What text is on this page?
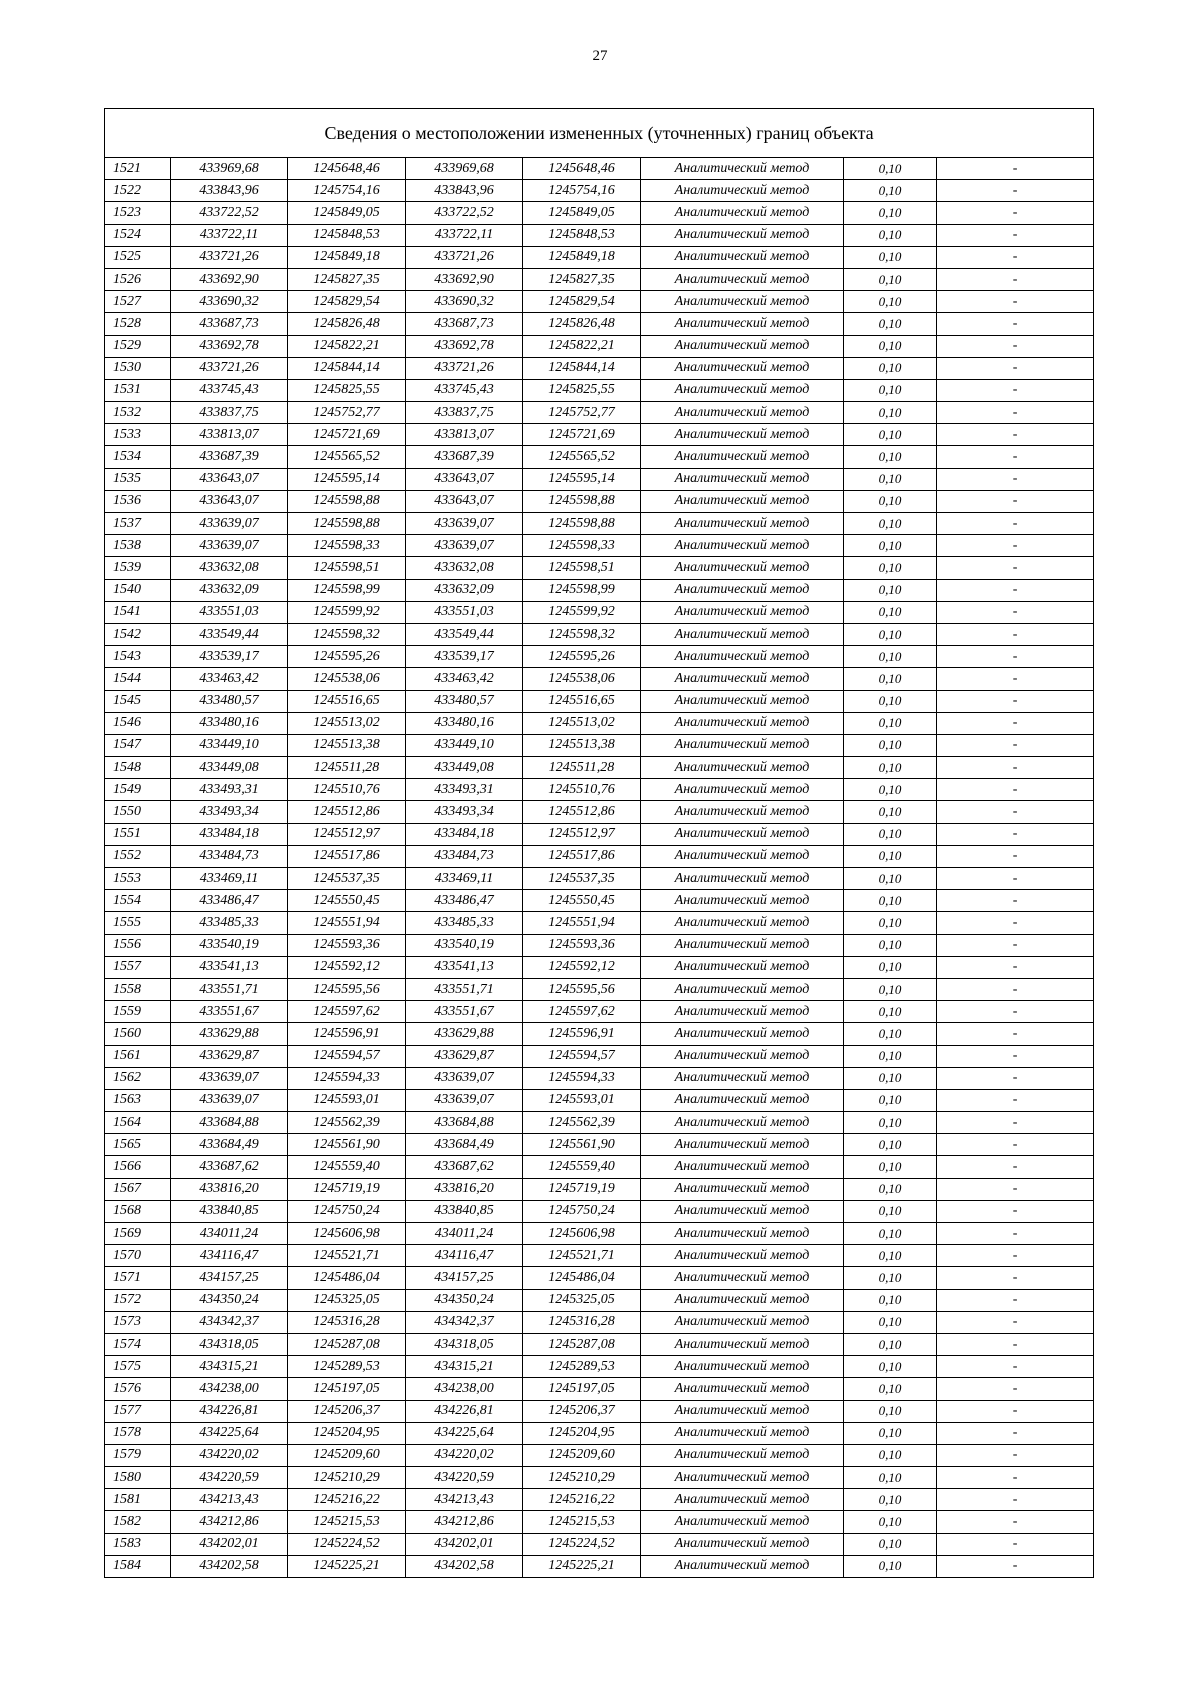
27
Сведения о местоположении измененных (уточненных) границ объекта							
1521	433969,68	1245648,46	433969,68	1245648,46	Аналитический метод	0,10	-
1522	433843,96	1245754,16	433843,96	1245754,16	Аналитический метод	0,10	-
1523	433722,52	1245849,05	433722,52	1245849,05	Аналитический метод	0,10	-
1524	433722,11	1245848,53	433722,11	1245848,53	Аналитический метод	0,10	-
1525	433721,26	1245849,18	433721,26	1245849,18	Аналитический метод	0,10	-
1526	433692,90	1245827,35	433692,90	1245827,35	Аналитический метод	0,10	-
1527	433690,32	1245829,54	433690,32	1245829,54	Аналитический метод	0,10	-
1528	433687,73	1245826,48	433687,73	1245826,48	Аналитический метод	0,10	-
1529	433692,78	1245822,21	433692,78	1245822,21	Аналитический метод	0,10	-
1530	433721,26	1245844,14	433721,26	1245844,14	Аналитический метод	0,10	-
1531	433745,43	1245825,55	433745,43	1245825,55	Аналитический метод	0,10	-
1532	433837,75	1245752,77	433837,75	1245752,77	Аналитический метод	0,10	-
1533	433813,07	1245721,69	433813,07	1245721,69	Аналитический метод	0,10	-
1534	433687,39	1245565,52	433687,39	1245565,52	Аналитический метод	0,10	-
1535	433643,07	1245595,14	433643,07	1245595,14	Аналитический метод	0,10	-
1536	433643,07	1245598,88	433643,07	1245598,88	Аналитический метод	0,10	-
1537	433639,07	1245598,88	433639,07	1245598,88	Аналитический метод	0,10	-
1538	433639,07	1245598,33	433639,07	1245598,33	Аналитический метод	0,10	-
1539	433632,08	1245598,51	433632,08	1245598,51	Аналитический метод	0,10	-
1540	433632,09	1245598,99	433632,09	1245598,99	Аналитический метод	0,10	-
1541	433551,03	1245599,92	433551,03	1245599,92	Аналитический метод	0,10	-
1542	433549,44	1245598,32	433549,44	1245598,32	Аналитический метод	0,10	-
1543	433539,17	1245595,26	433539,17	1245595,26	Аналитический метод	0,10	-
1544	433463,42	1245538,06	433463,42	1245538,06	Аналитический метод	0,10	-
1545	433480,57	1245516,65	433480,57	1245516,65	Аналитический метод	0,10	-
1546	433480,16	1245513,02	433480,16	1245513,02	Аналитический метод	0,10	-
1547	433449,10	1245513,38	433449,10	1245513,38	Аналитический метод	0,10	-
1548	433449,08	1245511,28	433449,08	1245511,28	Аналитический метод	0,10	-
1549	433493,31	1245510,76	433493,31	1245510,76	Аналитический метод	0,10	-
1550	433493,34	1245512,86	433493,34	1245512,86	Аналитический метод	0,10	-
1551	433484,18	1245512,97	433484,18	1245512,97	Аналитический метод	0,10	-
1552	433484,73	1245517,86	433484,73	1245517,86	Аналитический метод	0,10	-
1553	433469,11	1245537,35	433469,11	1245537,35	Аналитический метод	0,10	-
1554	433486,47	1245550,45	433486,47	1245550,45	Аналитический метод	0,10	-
1555	433485,33	1245551,94	433485,33	1245551,94	Аналитический метод	0,10	-
1556	433540,19	1245593,36	433540,19	1245593,36	Аналитический метод	0,10	-
1557	433541,13	1245592,12	433541,13	1245592,12	Аналитический метод	0,10	-
1558	433551,71	1245595,56	433551,71	1245595,56	Аналитический метод	0,10	-
1559	433551,67	1245597,62	433551,67	1245597,62	Аналитический метод	0,10	-
1560	433629,88	1245596,91	433629,88	1245596,91	Аналитический метод	0,10	-
1561	433629,87	1245594,57	433629,87	1245594,57	Аналитический метод	0,10	-
1562	433639,07	1245594,33	433639,07	1245594,33	Аналитический метод	0,10	-
1563	433639,07	1245593,01	433639,07	1245593,01	Аналитический метод	0,10	-
1564	433684,88	1245562,39	433684,88	1245562,39	Аналитический метод	0,10	-
1565	433684,49	1245561,90	433684,49	1245561,90	Аналитический метод	0,10	-
1566	433687,62	1245559,40	433687,62	1245559,40	Аналитический метод	0,10	-
1567	433816,20	1245719,19	433816,20	1245719,19	Аналитический метод	0,10	-
1568	433840,85	1245750,24	433840,85	1245750,24	Аналитический метод	0,10	-
1569	434011,24	1245606,98	434011,24	1245606,98	Аналитический метод	0,10	-
1570	434116,47	1245521,71	434116,47	1245521,71	Аналитический метод	0,10	-
1571	434157,25	1245486,04	434157,25	1245486,04	Аналитический метод	0,10	-
1572	434350,24	1245325,05	434350,24	1245325,05	Аналитический метод	0,10	-
1573	434342,37	1245316,28	434342,37	1245316,28	Аналитический метод	0,10	-
1574	434318,05	1245287,08	434318,05	1245287,08	Аналитический метод	0,10	-
1575	434315,21	1245289,53	434315,21	1245289,53	Аналитический метод	0,10	-
1576	434238,00	1245197,05	434238,00	1245197,05	Аналитический метод	0,10	-
1577	434226,81	1245206,37	434226,81	1245206,37	Аналитический метод	0,10	-
1578	434225,64	1245204,95	434225,64	1245204,95	Аналитический метод	0,10	-
1579	434220,02	1245209,60	434220,02	1245209,60	Аналитический метод	0,10	-
1580	434220,59	1245210,29	434220,59	1245210,29	Аналитический метод	0,10	-
1581	434213,43	1245216,22	434213,43	1245216,22	Аналитический метод	0,10	-
1582	434212,86	1245215,53	434212,86	1245215,53	Аналитический метод	0,10	-
1583	434202,01	1245224,52	434202,01	1245224,52	Аналитический метод	0,10	-
1584	434202,58	1245225,21	434202,58	1245225,21	Аналитический метод	0,10	-
